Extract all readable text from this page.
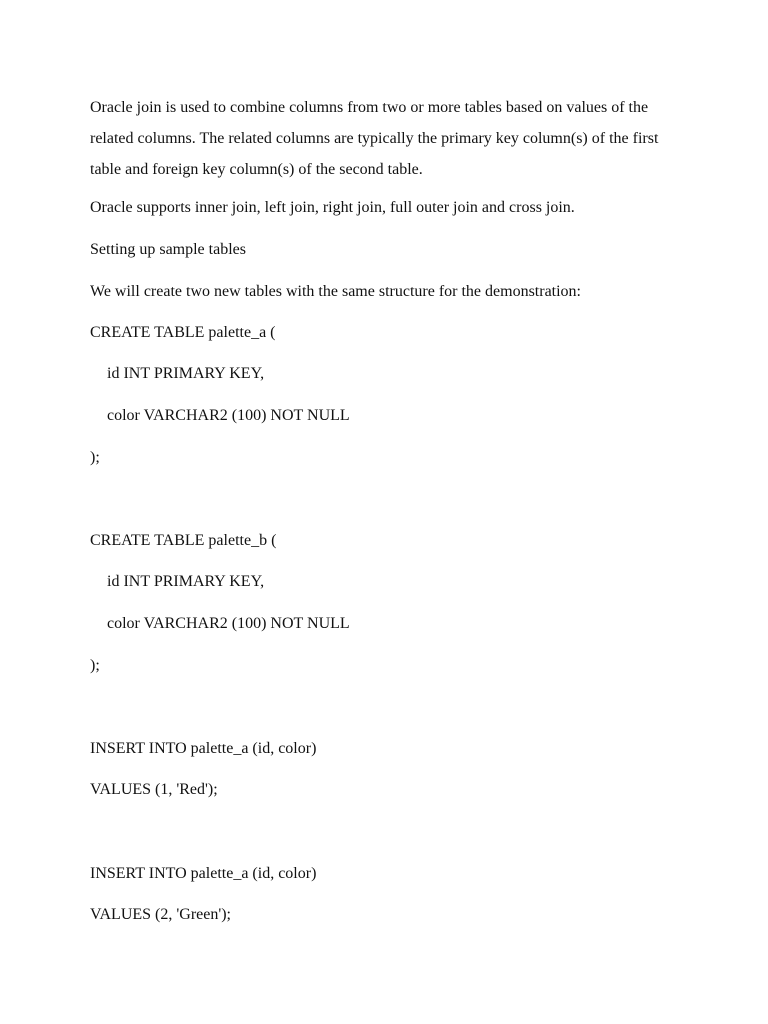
Oracle join is used to combine columns from two or more tables based on values of the related columns. The related columns are typically the primary key column(s) of the first table and foreign key column(s) of the second table.
Oracle supports inner join, left join, right join, full outer join and cross join.
Setting up sample tables
We will create two new tables with the same structure for the demonstration:
CREATE TABLE palette_a (
id INT PRIMARY KEY,
color VARCHAR2 (100) NOT NULL
);
CREATE TABLE palette_b (
id INT PRIMARY KEY,
color VARCHAR2 (100) NOT NULL
);
INSERT INTO palette_a (id, color)
VALUES (1, 'Red');
INSERT INTO palette_a (id, color)
VALUES (2, 'Green');
